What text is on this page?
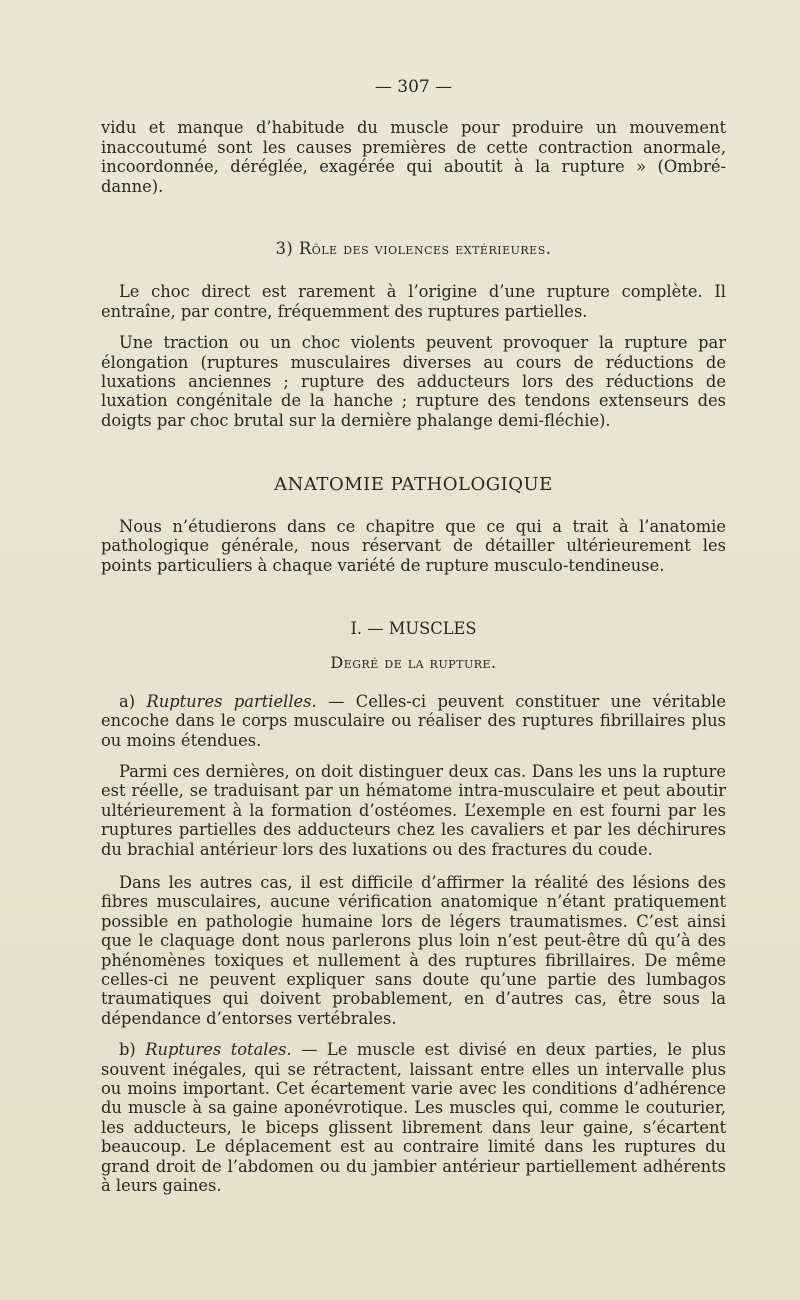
— 307 —

vidu et manque d’habitude du muscle pour produire un mouvement inaccoutumé sont les causes premières de cette contraction anormale, incoordonnée, déréglée, exagérée qui aboutit à la rupture » (Ombré-danne).

3) Rôle des violences extérieures.

Le choc direct est rarement à l’origine d’une rupture complète. Il entraîne, par contre, fréquemment des ruptures partielles.

Une traction ou un choc violents peuvent provoquer la rupture par élongation (ruptures musculaires diverses au cours de réductions de luxations anciennes ; rupture des adducteurs lors des réductions de luxation congénitale de la hanche ; rupture des tendons extenseurs des doigts par choc brutal sur la dernière phalange demi-fléchie).

ANATOMIE PATHOLOGIQUE

Nous n’étudierons dans ce chapitre que ce qui a trait à l’anatomie pathologique générale, nous réservant de détailler ultérieurement les points particuliers à chaque variété de rupture musculo-tendineuse.

I. — MUSCLES
Degré de la rupture.

a) Ruptures partielles. — Celles-ci peuvent constituer une véritable encoche dans le corps musculaire ou réaliser des ruptures fibrillaires plus ou moins étendues.

Parmi ces dernières, on doit distinguer deux cas. Dans les uns la rupture est réelle, se traduisant par un hématome intra-musculaire et peut aboutir ultérieurement à la formation d’ostéomes. L’exemple en est fourni par les ruptures partielles des adducteurs chez les cavaliers et par les déchirures du brachial antérieur lors des luxations ou des fractures du coude.

Dans les autres cas, il est difficile d’affirmer la réalité des lésions des fibres musculaires, aucune vérification anatomique n’étant pratiquement possible en pathologie humaine lors de légers traumatismes. C’est ainsi que le claquage dont nous parlerons plus loin n’est peut-être dû qu’à des phénomènes toxiques et nullement à des ruptures fibrillaires. De même celles-ci ne peuvent expliquer sans doute qu’une partie des lumbagos traumatiques qui doivent probablement, en d’autres cas, être sous la dépendance d’entorses vertébrales.

b) Ruptures totales. — Le muscle est divisé en deux parties, le plus souvent inégales, qui se rétractent, laissant entre elles un intervalle plus ou moins important. Cet écartement varie avec les conditions d’adhérence du muscle à sa gaine aponévrotique. Les muscles qui, comme le couturier, les adducteurs, le biceps glissent librement dans leur gaine, s’écartent beaucoup. Le déplacement est au contraire limité dans les ruptures du grand droit de l’abdomen ou du jambier antérieur partiellement adhérents à leurs gaines.
